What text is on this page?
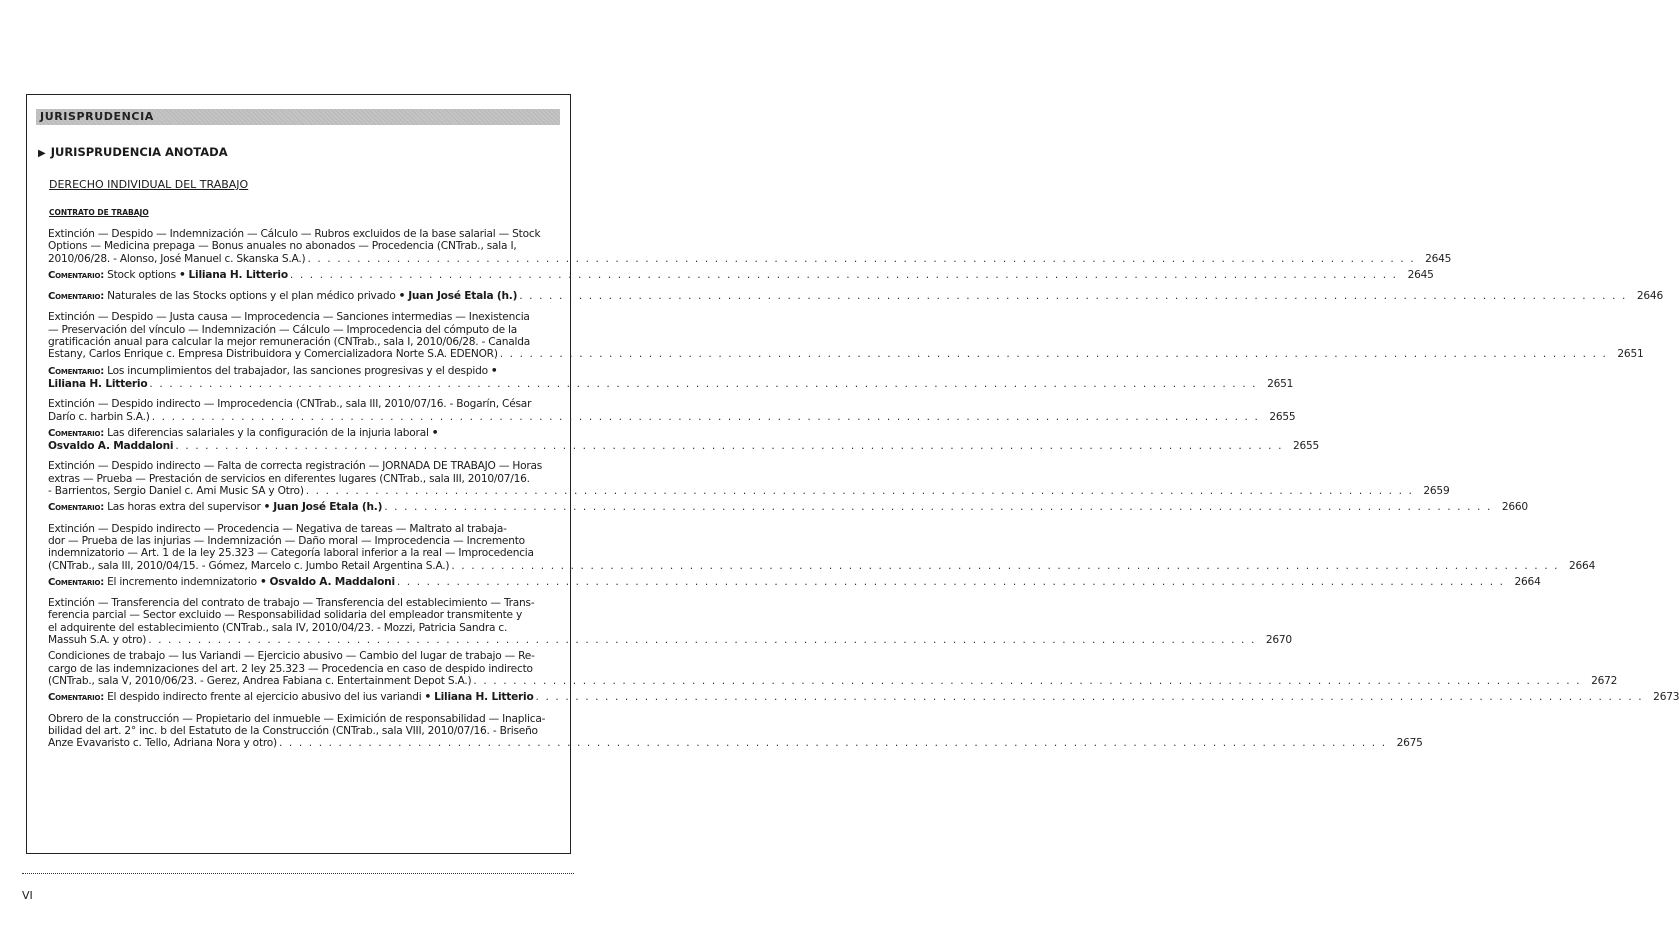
JURISPRUDENCIA
▶ JURISPRUDENCIA ANOTADA
DERECHO INDIVIDUAL DEL TRABAJO
CONTRATO DE TRABAJO
Extinción — Despido — Indemnización — Cálculo — Rubros excluidos de la base salarial — Stock
Options — Medicina prepaga — Bonus anuales no abonados — Procedencia (CNTrab., sala I,
2010/06/28. - Alonso, José Manuel c. Skanska S.A.) . . .	2645
Comentario: Stock options • Liliana H. Litterio . . .	2645
Comentario: Naturales de las Stocks options y el plan médico privado • Juan José Etala (h.) . . .	2646
Extinción — Despido — Justa causa — Improcedencia — Sanciones intermedias — Inexistencia
— Preservación del vínculo — Indemnización — Cálculo — Improcedencia del cómputo de la
gratificación anual para calcular la mejor remuneración (CNTrab., sala I, 2010/06/28. - Canalda
Estany, Carlos Enrique c. Empresa Distribuidora y Comercializadora Norte S.A. EDENOR) . . .	2651
Comentario: Los incumplimientos del trabajador, las sanciones progresivas y el despido •
Liliana H. Litterio . . .	2651
Extinción — Despido indirecto — Improcedencia (CNTrab., sala III, 2010/07/16. - Bogarín, César
Darío c. harbin S.A.) . . .	2655
Comentario: Las diferencias salariales y la configuración de la injuria laboral •
Osvaldo A. Maddaloni . . .	2655
Extinción — Despido indirecto — Falta de correcta registración — JORNADA DE TRABAJO — Horas
extras — Prueba — Prestación de servicios en diferentes lugares (CNTrab., sala III, 2010/07/16.
- Barrientos, Sergio Daniel c. Ami Music SA y Otro) . . .	2659
Comentario: Las horas extra del supervisor • Juan José Etala (h.) . . .	2660
Extinción — Despido indirecto — Procedencia — Negativa de tareas — Maltrato al trabaja-
dor — Prueba de las injurias — Indemnización — Daño moral — Improcedencia — Incremento
indemnizatorio — Art. 1 de la ley 25.323 — Categoría laboral inferior a la real — Improcedencia
(CNTrab., sala III, 2010/04/15. - Gómez, Marcelo c. Jumbo Retail Argentina S.A.) . . .	2664
Comentario: El incremento indemnizatorio • Osvaldo A. Maddaloni . . .	2664
Extinción — Transferencia del contrato de trabajo — Transferencia del establecimiento — Trans-
ferencia parcial — Sector excluido — Responsabilidad solidaria del empleador transmitente y
el adquirente del establecimiento (CNTrab., sala IV, 2010/04/23. - Mozzi, Patricia Sandra c.
Massuh S.A. y otro) . . .	2670
Condiciones de trabajo — Ius Variandi — Ejercicio abusivo — Cambio del lugar de trabajo — Re-
cargo de las indemnizaciones del art. 2 ley 25.323 — Procedencia en caso de despido indirecto
(CNTrab., sala V, 2010/06/23. - Gerez, Andrea Fabiana c. Entertainment Depot S.A.) . . .	2672
Comentario: El despido indirecto frente al ejercicio abusivo del ius variandi • Liliana H. Litterio . . .	2673
Obrero de la construcción — Propietario del inmueble — Eximición de responsabilidad — Inaplica-
bilidad del art. 2° inc. b del Estatuto de la Construcción (CNTrab., sala VIII, 2010/07/16. - Briseño
Anze Evavaristo c. Tello, Adriana Nora y otro) . . .	2675
VI
